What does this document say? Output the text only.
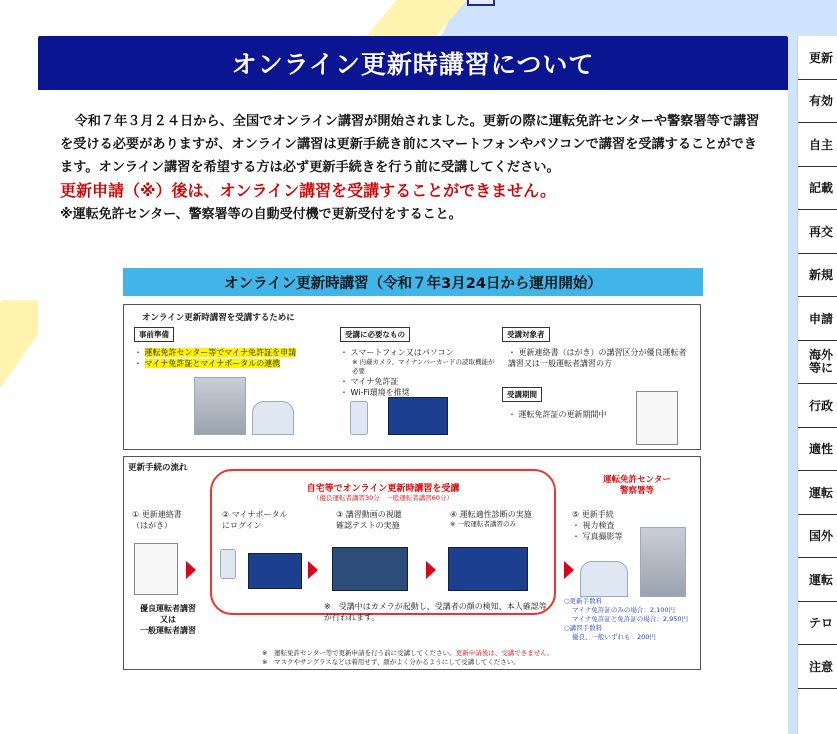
オンライン更新時講習について

令和７年３月２４日から、全国でオンライン講習が開始されました。更新の際に運転免許センターや警察署等で講習を受ける必要がありますが、オンライン講習は更新手続き前にスマートフォンやパソコンで講習を受講することができます。オンライン講習を希望する方は必ず更新手続きを行う前に受講してください。

更新申請（※）後は、オンライン講習を受講することができません。

※運転免許センター、警察署等の自動受付機で更新受付をすること。

オンライン更新時講習（令和７年3月24日から運用開始）
オンライン更新時講習を受講するために
事前準備
・ 運転免許センター等でマイナ免許証を申請
・ マイナ免許証とマイナポータルの連携
受講に必要なもの
・ スマートフォン又はパソコン
※ 内蔵カメラ、マイナンバーカードの読取機能が必要
・ マイナ免許証
・ Wi-Fi環境を推奨
受講対象者
・ 更新連絡書（はがき）の講習区分が優良運転者講習又は一般運転者講習の方
受講期間
・ 運転免許証の更新期間中
更新手続の流れ
自宅等でオンライン更新時講習を受講
（優良運転者講習30分　一般運転者講習60分）
運転免許センター
警察署等
① 更新連絡書
（はがき）
② マイナポータル
にログイン
③ 講習動画の視聴
確認テストの実施
④ 運転適性診断の実施
※ 一般運転者講習のみ
⑤ 更新手続
・ 視力検査
・ 写真撮影等
優良運転者講習
又は
一般運転者講習
※　受講中はカメラが起動し、受講者の顔の検知、本人確認等が行われます。
○更新手数料
マイナ免許証のみの場合：2,100円
マイナ免許証と免許証の場合：2,950円
○講習手数料
優良、一般いずれも　200円
※　運転免許センター等で更新申請を行う前に受講してください。更新申請後は、受講できません。
※　マスクやサングラスなどは着用せず、顔がよく分かるようにして受講してください。
更新
有効
自主
記載
再交
新規
申請
海外
等に
行政
適性
運転
国外
運転
テロ
注意
